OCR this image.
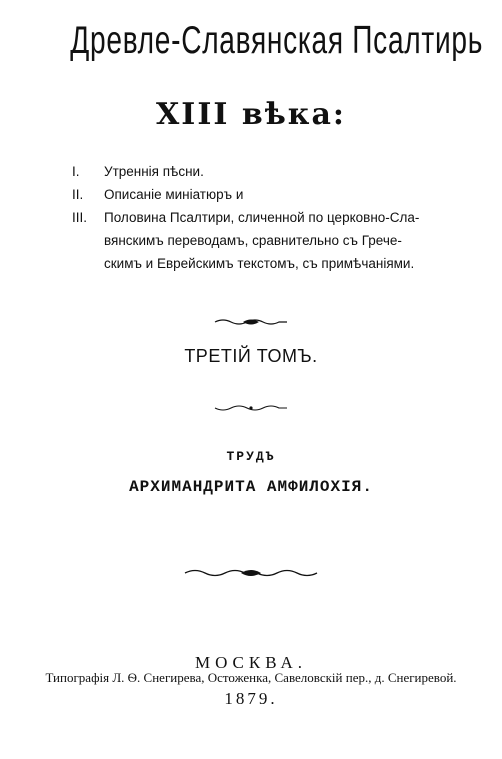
Древле-Славянская Псалтирь
XIII вѣка:
I.	Утреннія пѣсни.
II.	Описаніе миніатюръ и
III.	Половина Псалтири, сличенной по церковно-Сла-
вянскимъ переводамъ, сравнительно съ Грече-
скимъ и Еврейскимъ текстомъ, съ примѣчаніями.
ТРЕТІЙ ТОМЪ.
ТРУДЪ
АРХИМАНДРИТА АМФИЛОХІЯ.
МОСКВА.
Типографія Л. Ѳ. Снегирева, Остоженка, Савеловскій пер., д. Снегиревой.
1879.
